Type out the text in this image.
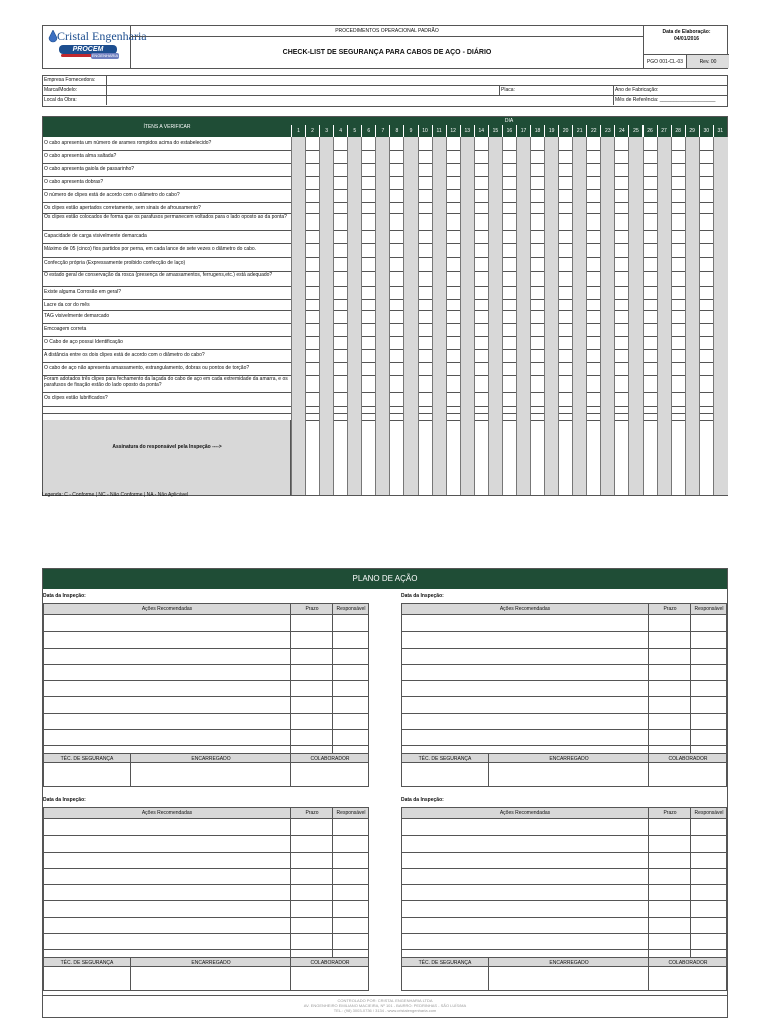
Cristal Engenharia
PROCEM
ENGENHARIA
PROCEDIMENTOS OPERACIONAL PADRÃO
CHECK-LIST DE SEGURANÇA PARA CABOS DE AÇO - DIÁRIO
Data de Elaboração:
04/01/2016
PGO 001-CL-03	Rev. 00
Empresa Fornecedora:
Marca/Modelo:	Placa:	Ano de Fabricação:
Local da Obra:	Mês de Referência: ____________________
ÍTENS A VERIFICAR
DIA
1	2	3	4	5	6	7	8	9	10	11	12	13	14	15	16	17	18	19	20	21	22	23	24	25	26	27	28	29	30	31
O cabo apresenta um número de arames rompidos acima do estabelecido?
O cabo apresenta alma saltada?
O cabo apresenta gaiola de passarinho?
O cabo apresenta dobras?
O número de clipes está de acordo com o diâmetro do cabo?
Os clipes estão apertados corretamente, sem sinais de afrouxamento?
Os clipes estão colocados de forma que os parafusos permanecem voltados para o lado oposto ao da ponta?
Capacidade de carga visivelmente demarcada
Máximo de 05 (cinco) fios partidos por perna, em cada lance de sete vezes o diâmetro do cabo.
Confecção própria (Expressamente proibido confecção de laço)
O estado geral de conservação da rosca (presença de amassamentos, ferrugens,etc.) está adequado?
Existe alguma Corrosão em geral?
Lacre da cor do mês
TAG visivelmente demarcado
Emcoagem correta
O Cabo de aço possui Identificação
A distância entre os dois clipes está de acordo com o diâmetro do cabo?
O cabo de aço não apresenta amassamento, estrangulamento, dobras ou pontos de torção?
Foram adotados três clipes para fechamento da laçada do cabo de aço em cada extremidade da amarra, e os parafusos de fixação estão do lado oposto da ponta?
Os clipes estão lubrificados?
Assinatura do responsável pela Inspeção ---->
Legenda: C - Conforme | NC - Não Conforme | NA - Não Aplicável
PLANO DE AÇÃO
Data da Inspeção:
Ações Recomendadas	Prazo	Responsável
TÉC. DE SEGURANÇA	ENCARREGADO	COLABORADOR
Data da Inspeção:
Ações Recomendadas	Prazo	Responsável
TÉC. DE SEGURANÇA	ENCARREGADO	COLABORADOR
Data da Inspeção:
Ações Recomendadas	Prazo	Responsável
TÉC. DE SEGURANÇA	ENCARREGADO	COLABORADOR
Data da Inspeção:
Ações Recomendadas	Prazo	Responsável
TÉC. DE SEGURANÇA	ENCARREGADO	COLABORADOR
CONTROLADO POR: CRISTAL ENGENHARIA LTDA
AV. ENGENHEIRO EMILIANO MACIEIRA, Nº 101 - BAIRRO: PEDRINHAS - SÃO LUÍS/MA
TEL.: (98) 3003-0736 / 3134 - www.cristalengenharia.com
